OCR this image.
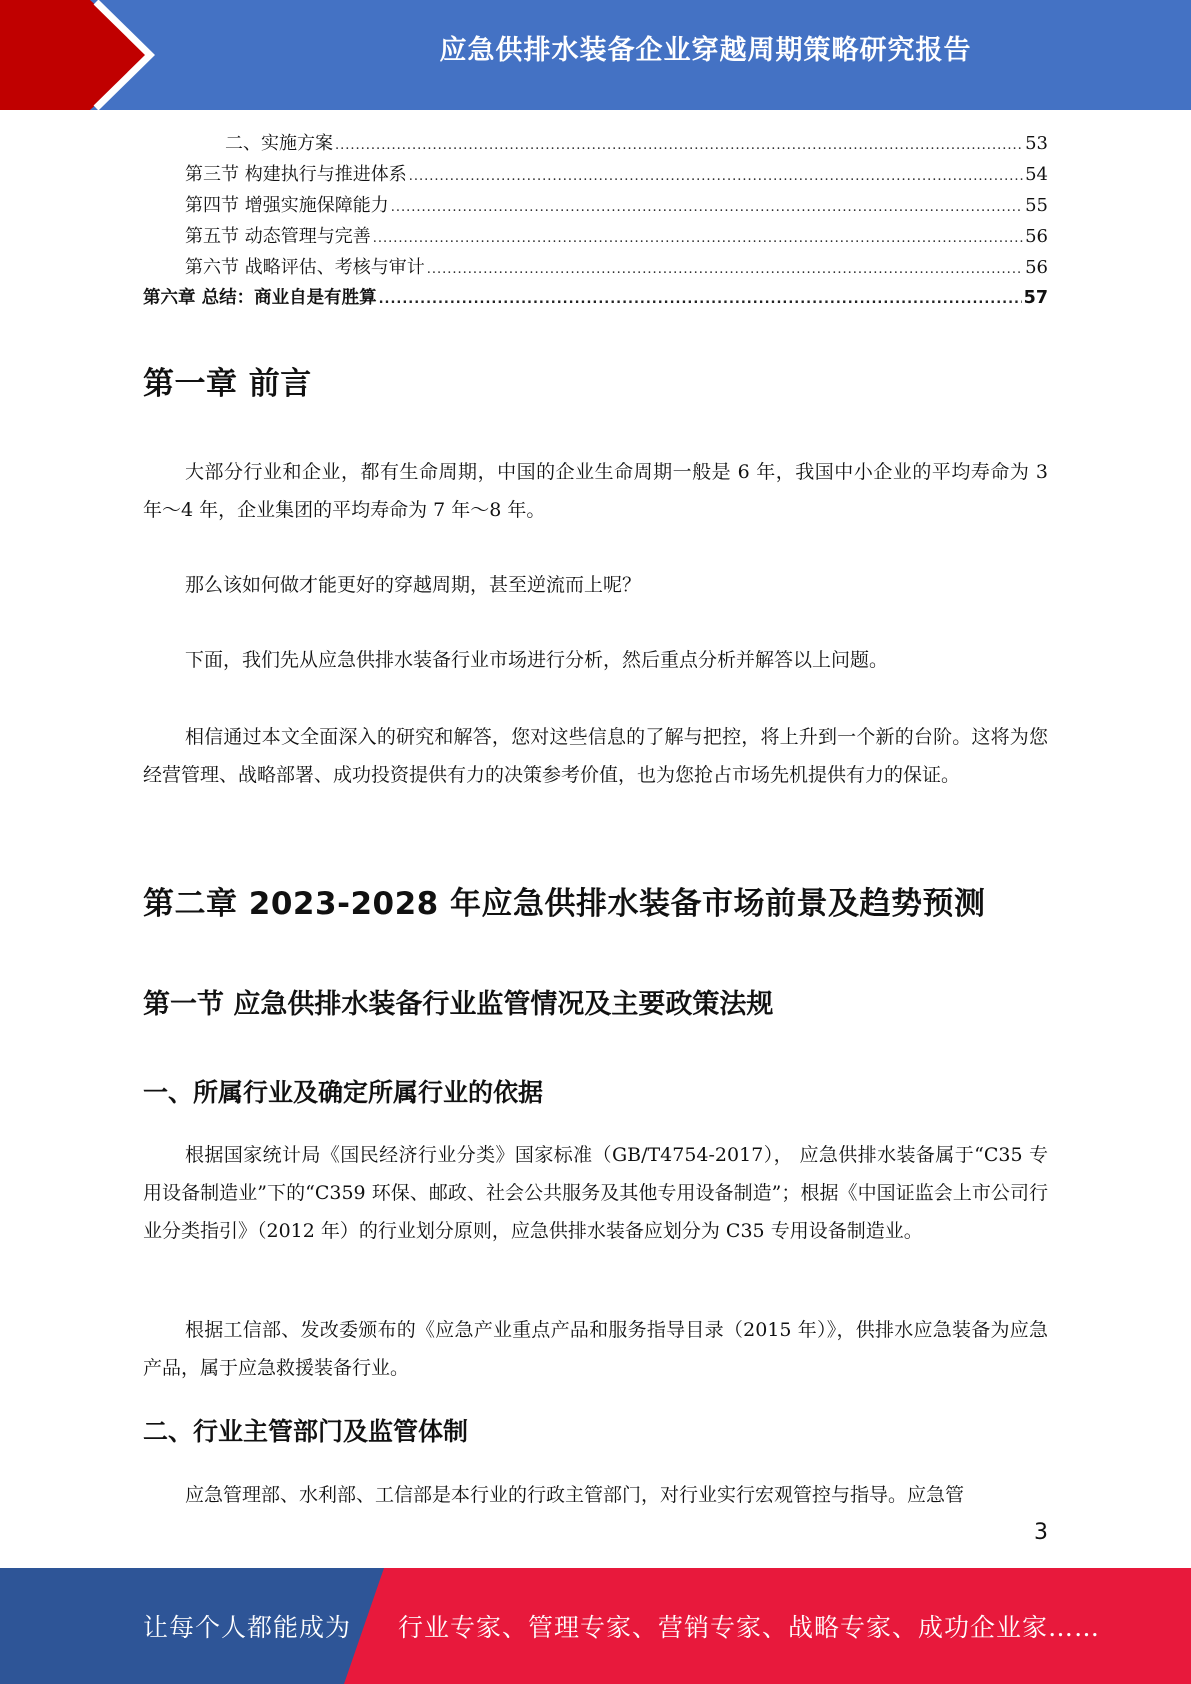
应急供排水装备企业穿越周期策略研究报告
二、实施方案 .....	53
第三节 构建执行与推进体系 .....	54
第四节 增强实施保障能力 .....	55
第五节 动态管理与完善 .....	56
第六节 战略评估、考核与审计 .....	56
第六章 总结：商业自是有胜算 .....	57
第一章 前言

大部分行业和企业，都有生命周期，中国的企业生命周期一般是 6 年，我国中小企业的平均寿命为 3 年～4 年，企业集团的平均寿命为 7 年～8 年。

那么该如何做才能更好的穿越周期，甚至逆流而上呢？

下面，我们先从应急供排水装备行业市场进行分析，然后重点分析并解答以上问题。

相信通过本文全面深入的研究和解答，您对这些信息的了解与把控，将上升到一个新的台阶。这将为您经营管理、战略部署、成功投资提供有力的决策参考价值，也为您抢占市场先机提供有力的保证。

第二章 2023-2028 年应急供排水装备市场前景及趋势预测
第一节 应急供排水装备行业监管情况及主要政策法规
一、所属行业及确定所属行业的依据

根据国家统计局《国民经济行业分类》国家标准（GB/T4754-2017）， 应急供排水装备属于“C35 专用设备制造业”下的“C359 环保、邮政、社会公共服务及其他专用设备制造”；根据《中国证监会上市公司行业分类指引》（2012 年）的行业划分原则，应急供排水装备应划分为 C35 专用设备制造业。

根据工信部、发改委颁布的《应急产业重点产品和服务指导目录（2015 年）》，供排水应急装备为应急产品，属于应急救援装备行业。

二、行业主管部门及监管体制

应急管理部、水利部、工信部是本行业的行政主管部门，对行业实行宏观管控与指导。应急管

3
让每个人都能成为 行业专家、管理专家、营销专家、战略专家、成功企业家……
